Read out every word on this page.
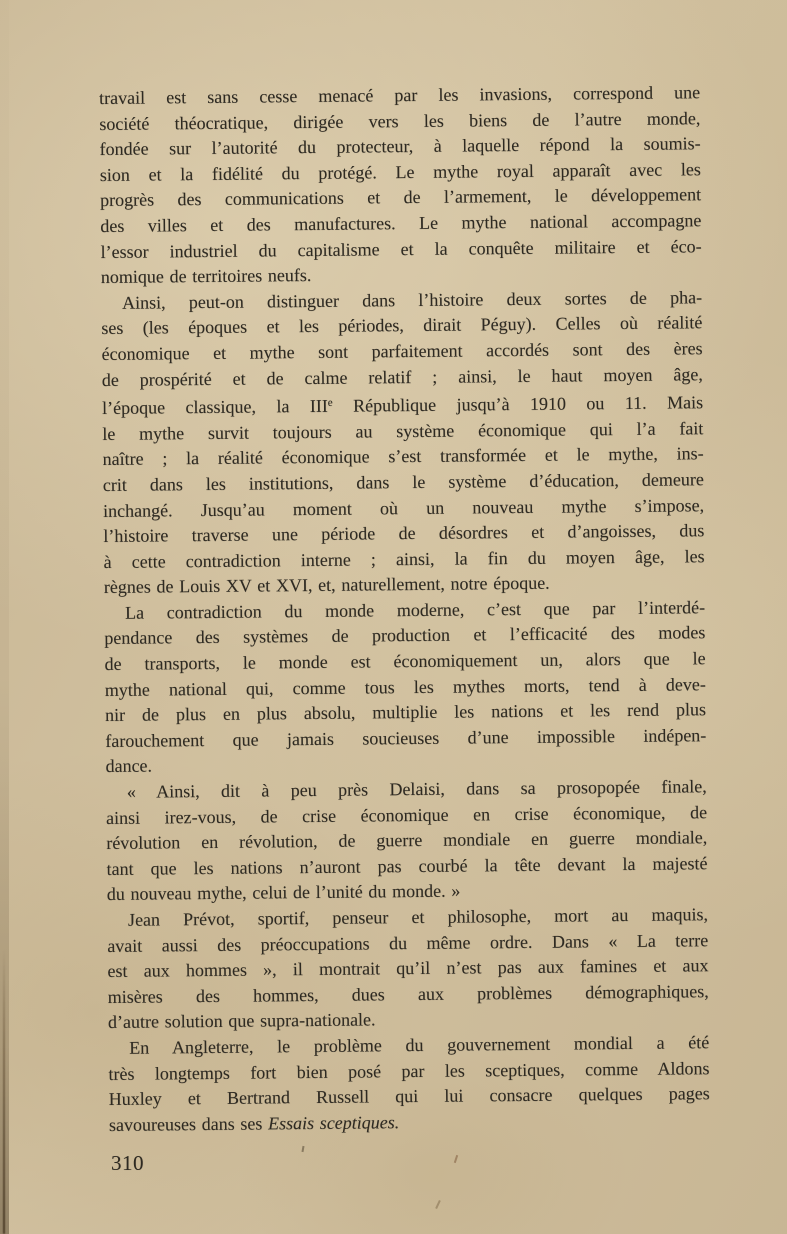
travail est sans cesse menacé par les invasions, correspond une
société théocratique, dirigée vers les biens de l’autre monde,
fondée sur l’autorité du protecteur, à laquelle répond la soumis-
sion et la fidélité du protégé. Le mythe royal apparaît avec les
progrès des communications et de l’armement, le développement
des villes et des manufactures. Le mythe national accompagne
l’essor industriel du capitalisme et la conquête militaire et éco-
nomique de territoires neufs.
Ainsi, peut-on distinguer dans l’histoire deux sortes de pha-
ses (les époques et les périodes, dirait Péguy). Celles où réalité
économique et mythe sont parfaitement accordés sont des ères
de prospérité et de calme relatif ; ainsi, le haut moyen âge,
l’époque classique, la IIIe République jusqu’à 1910 ou 11. Mais
le mythe survit toujours au système économique qui l’a fait
naître ; la réalité économique s’est transformée et le mythe, ins-
crit dans les institutions, dans le système d’éducation, demeure
inchangé. Jusqu’au moment où un nouveau mythe s’impose,
l’histoire traverse une période de désordres et d’angoisses, dus
à cette contradiction interne ; ainsi, la fin du moyen âge, les
règnes de Louis XV et XVI, et, naturellement, notre époque.
La contradiction du monde moderne, c’est que par l’interdé-
pendance des systèmes de production et l’efficacité des modes
de transports, le monde est économiquement un, alors que le
mythe national qui, comme tous les mythes morts, tend à deve-
nir de plus en plus absolu, multiplie les nations et les rend plus
farouchement que jamais soucieuses d’une impossible indépen-
dance.
« Ainsi, dit à peu près Delaisi, dans sa prosopopée finale,
ainsi irez-vous, de crise économique en crise économique, de
révolution en révolution, de guerre mondiale en guerre mondiale,
tant que les nations n’auront pas courbé la tête devant la majesté
du nouveau mythe, celui de l’unité du monde. »
Jean Prévot, sportif, penseur et philosophe, mort au maquis,
avait aussi des préoccupations du même ordre. Dans « La terre
est aux hommes », il montrait qu’il n’est pas aux famines et aux
misères des hommes, dues aux problèmes démographiques,
d’autre solution que supra-nationale.
En Angleterre, le problème du gouvernement mondial a été
très longtemps fort bien posé par les sceptiques, comme Aldons
Huxley et Bertrand Russell qui lui consacre quelques pages
savoureuses dans ses Essais sceptiques.
310
